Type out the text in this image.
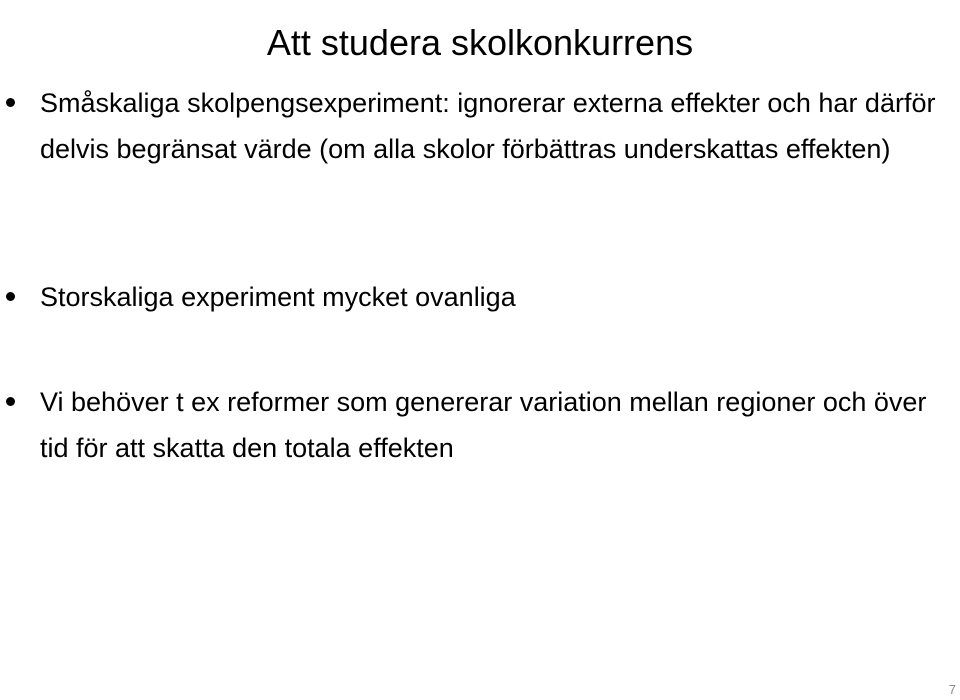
Att studera skolkonkurrens
Småskaliga skolpengsexperiment: ignorerar externa effekter och har därför delvis begränsat värde (om alla skolor förbättras underskattas effekten)
Storskaliga experiment mycket ovanliga
Vi behöver t ex reformer som genererar variation mellan regioner och över tid för att skatta den totala effekten
7
